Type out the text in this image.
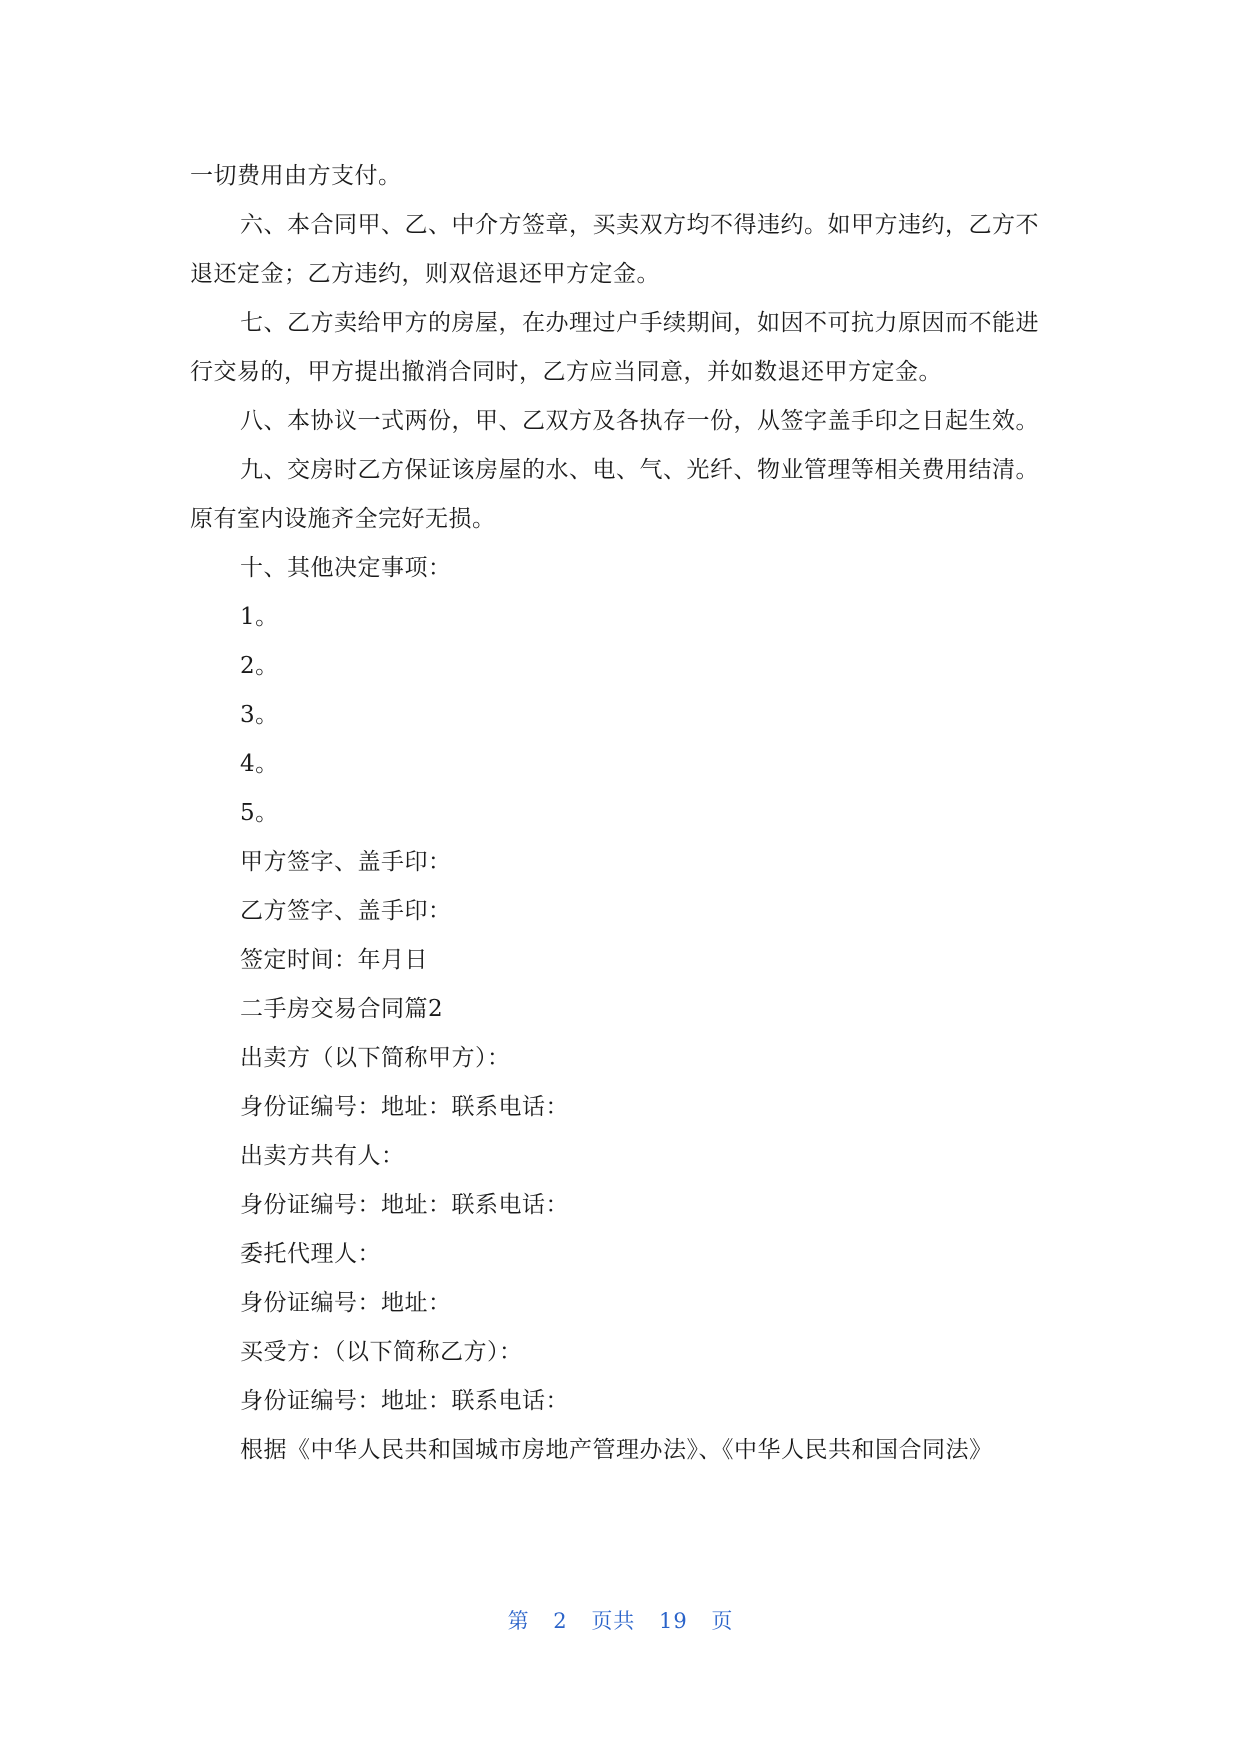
一切费用由方支付。

六、本合同甲、乙、中介方签章，买卖双方均不得违约。如甲方违约，乙方不退还定金；乙方违约，则双倍退还甲方定金。

七、乙方卖给甲方的房屋，在办理过户手续期间，如因不可抗力原因而不能进行交易的，甲方提出撤消合同时，乙方应当同意，并如数退还甲方定金。

八、本协议一式两份，甲、乙双方及各执存一份，从签字盖手印之日起生效。

九、交房时乙方保证该房屋的水、电、气、光纤、物业管理等相关费用结清。原有室内设施齐全完好无损。

十、其他决定事项：

1。

2。

3。

4。

5。

甲方签字、盖手印：

乙方签字、盖手印：

签定时间：年月日

二手房交易合同篇2

出卖方（以下简称甲方）：

身份证编号：地址：联系电话：

出卖方共有人：

身份证编号：地址：联系电话：

委托代理人：

身份证编号：地址：

买受方：（以下简称乙方）：

身份证编号：地址：联系电话：

根据《中华人民共和国城市房地产管理办法》、《中华人民共和国合同法》

第 2 页共 19 页
